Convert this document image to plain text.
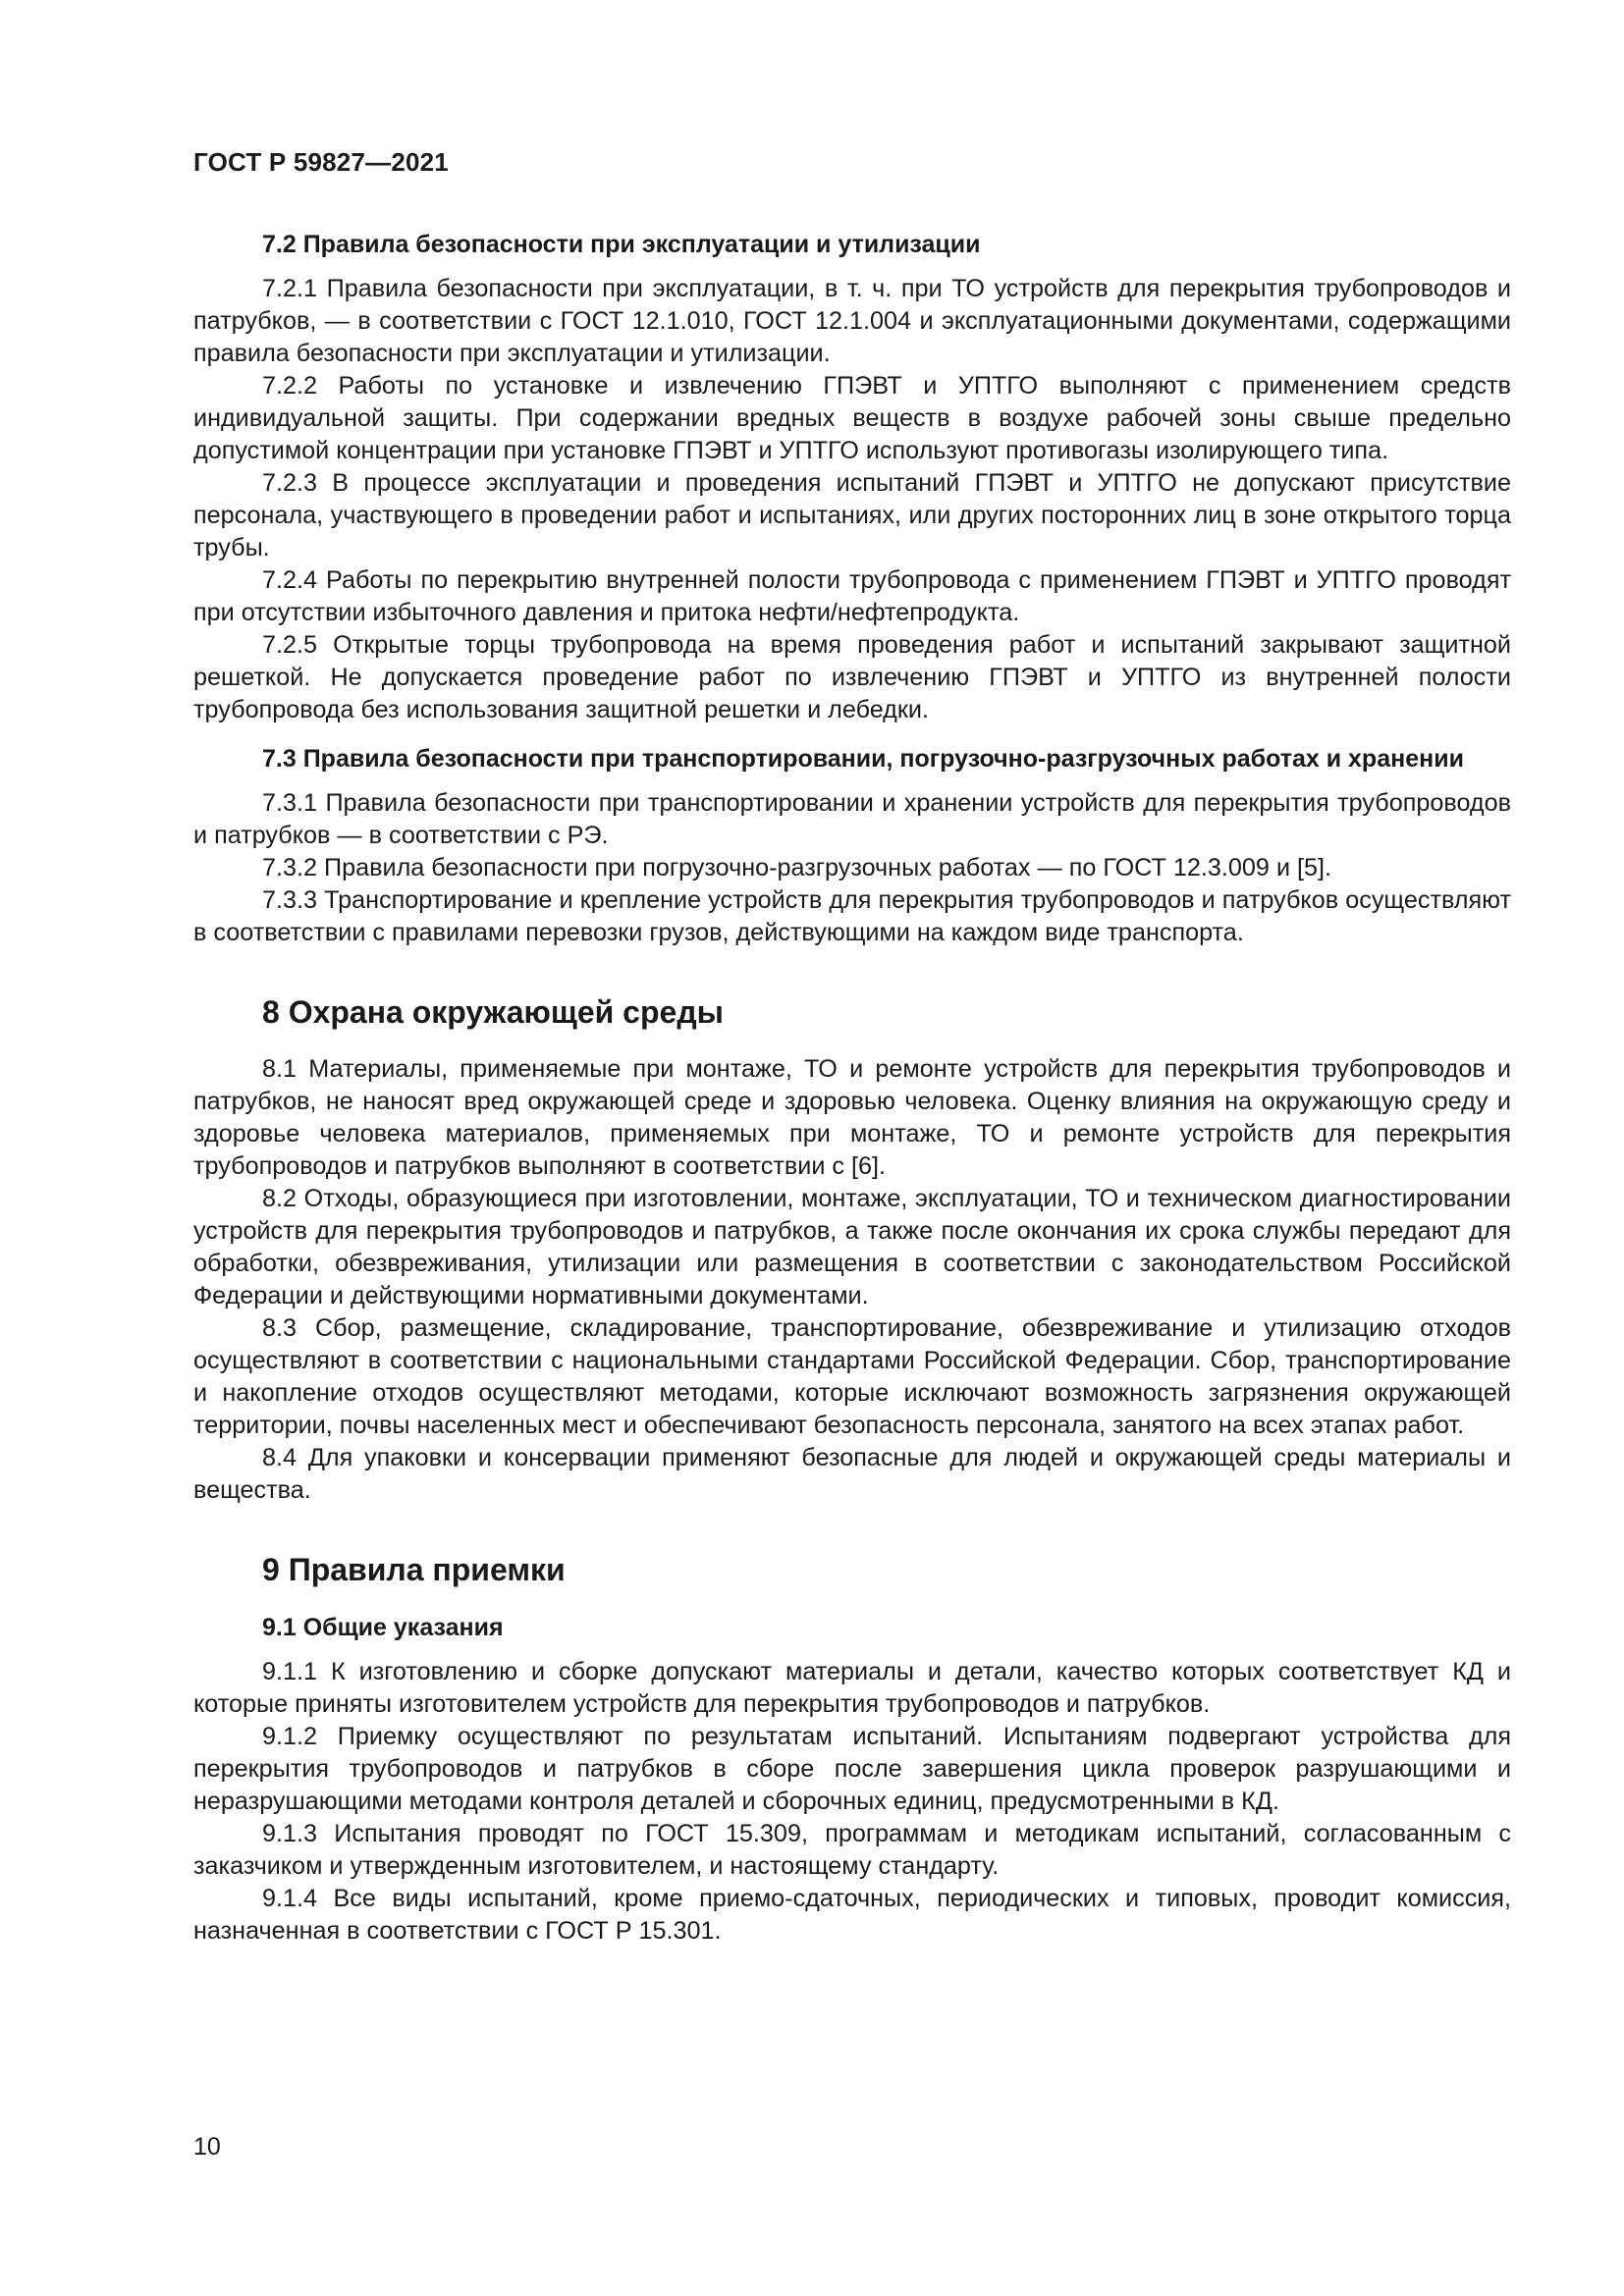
ГОСТ Р 59827—2021
7.2 Правила безопасности при эксплуатации и утилизации

7.2.1 Правила безопасности при эксплуатации, в т. ч. при ТО устройств для перекрытия трубопроводов и патрубков, — в соответствии с ГОСТ 12.1.010, ГОСТ 12.1.004 и эксплуатационными документами, содержащими правила безопасности при эксплуатации и утилизации.

7.2.2 Работы по установке и извлечению ГПЭВТ и УПТГО выполняют с применением средств индивидуальной защиты. При содержании вредных веществ в воздухе рабочей зоны свыше предельно допустимой концентрации при установке ГПЭВТ и УПТГО используют противогазы изолирующего типа.

7.2.3 В процессе эксплуатации и проведения испытаний ГПЭВТ и УПТГО не допускают присутствие персонала, участвующего в проведении работ и испытаниях, или других посторонних лиц в зоне открытого торца трубы.

7.2.4 Работы по перекрытию внутренней полости трубопровода с применением ГПЭВТ и УПТГО проводят при отсутствии избыточного давления и притока нефти/нефтепродукта.

7.2.5 Открытые торцы трубопровода на время проведения работ и испытаний закрывают защитной решеткой. Не допускается проведение работ по извлечению ГПЭВТ и УПТГО из внутренней полости трубопровода без использования защитной решетки и лебедки.

7.3 Правила безопасности при транспортировании, погрузочно-разгрузочных работах и хранении

7.3.1 Правила безопасности при транспортировании и хранении устройств для перекрытия трубопроводов и патрубков — в соответствии с РЭ.

7.3.2 Правила безопасности при погрузочно-разгрузочных работах — по ГОСТ 12.3.009 и [5].

7.3.3 Транспортирование и крепление устройств для перекрытия трубопроводов и патрубков осуществляют в соответствии с правилами перевозки грузов, действующими на каждом виде транспорта.

8 Охрана окружающей среды

8.1 Материалы, применяемые при монтаже, ТО и ремонте устройств для перекрытия трубопроводов и патрубков, не наносят вред окружающей среде и здоровью человека. Оценку влияния на окружающую среду и здоровье человека материалов, применяемых при монтаже, ТО и ремонте устройств для перекрытия трубопроводов и патрубков выполняют в соответствии с [6].

8.2 Отходы, образующиеся при изготовлении, монтаже, эксплуатации, ТО и техническом диагностировании устройств для перекрытия трубопроводов и патрубков, а также после окончания их срока службы передают для обработки, обезвреживания, утилизации или размещения в соответствии с законодательством Российской Федерации и действующими нормативными документами.

8.3 Сбор, размещение, складирование, транспортирование, обезвреживание и утилизацию отходов осуществляют в соответствии с национальными стандартами Российской Федерации. Сбор, транспортирование и накопление отходов осуществляют методами, которые исключают возможность загрязнения окружающей территории, почвы населенных мест и обеспечивают безопасность персонала, занятого на всех этапах работ.

8.4 Для упаковки и консервации применяют безопасные для людей и окружающей среды материалы и вещества.

9 Правила приемки
9.1 Общие указания

9.1.1 К изготовлению и сборке допускают материалы и детали, качество которых соответствует КД и которые приняты изготовителем устройств для перекрытия трубопроводов и патрубков.

9.1.2 Приемку осуществляют по результатам испытаний. Испытаниям подвергают устройства для перекрытия трубопроводов и патрубков в сборе после завершения цикла проверок разрушающими и неразрушающими методами контроля деталей и сборочных единиц, предусмотренными в КД.

9.1.3 Испытания проводят по ГОСТ 15.309, программам и методикам испытаний, согласованным с заказчиком и утвержденным изготовителем, и настоящему стандарту.

9.1.4 Все виды испытаний, кроме приемо-сдаточных, периодических и типовых, проводит комиссия, назначенная в соответствии с ГОСТ Р 15.301.

10
